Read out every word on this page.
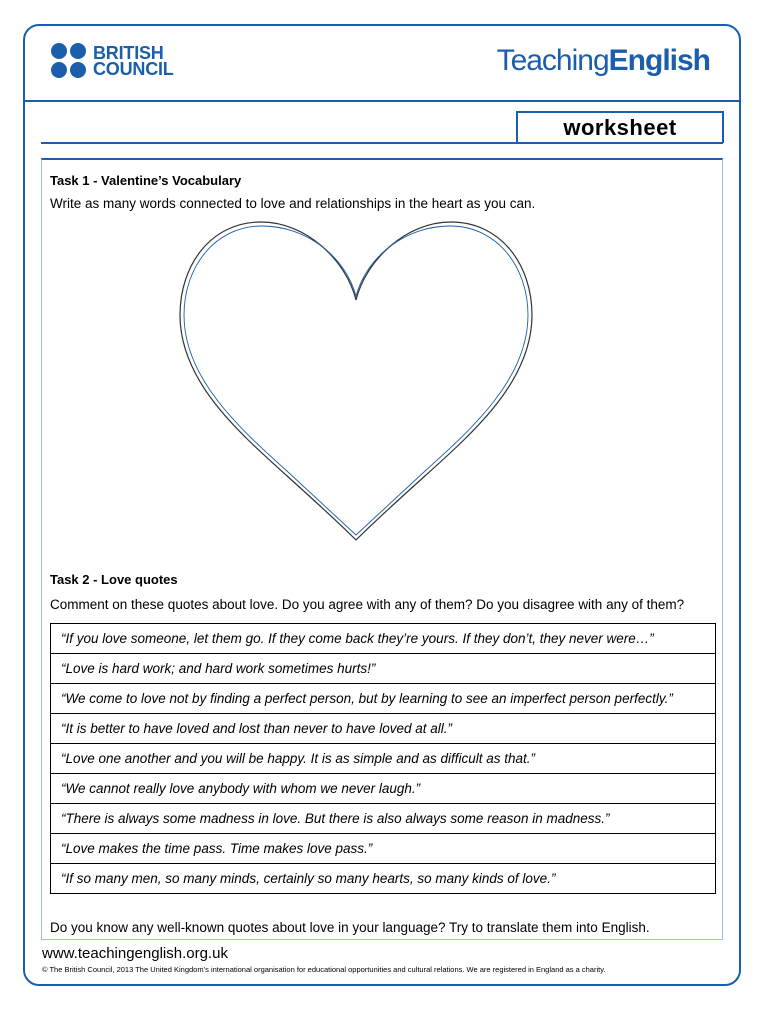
BRITISH
COUNCIL	TeachingEnglish
worksheet
Task 1 - Valentine’s Vocabulary
Write as many words connected to love and relationships in the heart as you can.
Task 2 - Love quotes
Comment on these quotes about love. Do you agree with any of them? Do you disagree with any of them?
“If you love someone, let them go. If they come back they’re yours. If they don’t, they never were…”
“Love is hard work; and hard work sometimes hurts!”
“We come to love not by finding a perfect person, but by learning to see an imperfect person perfectly.”
“It is better to have loved and lost than never to have loved at all.”
“Love one another and you will be happy. It is as simple and as difficult as that.”
“We cannot really love anybody with whom we never laugh.”
“There is always some madness in love. But there is also always some reason in madness.”
“Love makes the time pass. Time makes love pass.”
“If so many men, so many minds, certainly so many hearts, so many kinds of love.”
Do you know any well-known quotes about love in your language? Try to translate them into English.
www.teachingenglish.org.uk
© The British Council, 2013 The United Kingdom’s international organisation for educational opportunities and cultural relations. We are registered in England as a charity.
